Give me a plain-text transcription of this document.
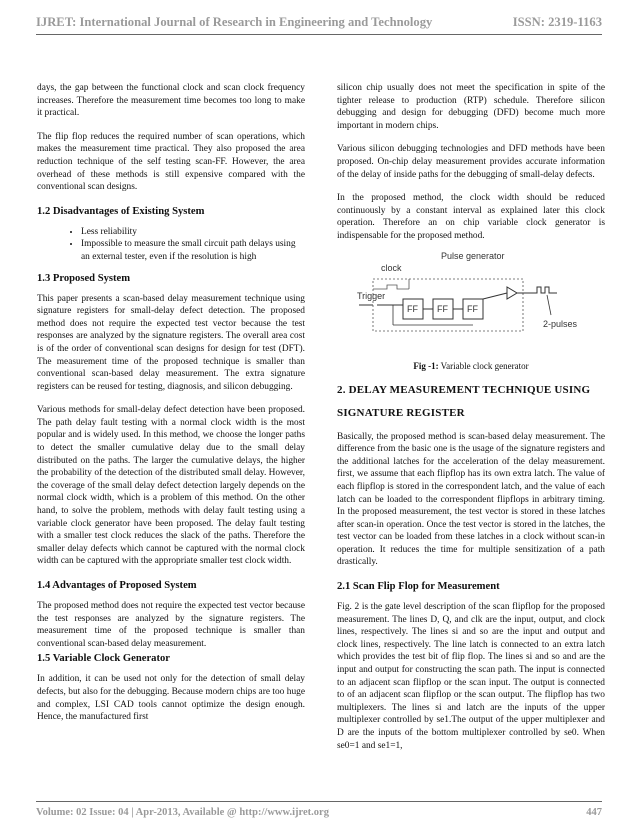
IJRET: International Journal of Research in Engineering and Technology	ISSN: 2319-1163

days, the gap between the functional clock and scan clock frequency increases. Therefore the measurement time becomes too long to make it practical.

The flip flop reduces the required number of scan operations, which makes the measurement time practical. They also proposed the area reduction technique of the self testing scan-FF. However, the area overhead of these methods is still expensive compared with the conventional scan designs.

1.2 Disadvantages of Existing System
• Less reliability
• Impossible to measure the small circuit path delays using an external tester, even if the resolution is high
1.3 Proposed System

This paper presents a scan-based delay measurement technique using signature registers for small-delay defect detection. The proposed method does not require the expected test vector because the test responses are analyzed by the signature registers. The overall area cost is of the order of conventional scan designs for design for test (DFT). The measurement time of the proposed technique is smaller than conventional scan-based delay measurement. The extra signature registers can be reused for testing, diagnosis, and silicon debugging.

Various methods for small-delay defect detection have been proposed. The path delay fault testing with a normal clock width is the most popular and is widely used. In this method, we choose the longer paths to detect the smaller cumulative delay due to the small delay distributed on the paths. The larger the cumulative delays, the higher the probability of the detection of the distributed small delay. However, the coverage of the small delay defect detection largely depends on the normal clock width, which is a problem of this method. On the other hand, to solve the problem, methods with delay fault testing using a variable clock generator have been proposed. The delay fault testing with a smaller test clock reduces the slack of the paths. Therefore the smaller delay defects which cannot be captured with the normal clock width can be captured with the appropriate smaller test clock width.

1.4 Advantages of Proposed System

The proposed method does not require the expected test vector because the test responses are analyzed by the signature registers. The measurement time of the proposed technique is smaller than conventional scan-based delay measurement.

1.5 Variable Clock Generator

In addition, it can be used not only for the detection of small delay defects, but also for the debugging. Because modern chips are too huge and complex, LSI CAD tools cannot optimize the design enough. Hence, the manufactured first

silicon chip usually does not meet the specification in spite of the tighter release to production (RTP) schedule. Therefore silicon debugging and design for debugging (DFD) become much more important in modern chips.

Various silicon debugging technologies and DFD methods have been proposed. On-chip delay measurement provides accurate information of the delay of inside paths for the debugging of small-delay defects.

In the proposed method, the clock width should be reduced continuously by a constant interval as explained later this clock operation. Therefore an on chip variable clock generator is indispensable for the proposed method.

Pulse generator
clock
Trigger
FF FF FF
2-pulses
Fig -1: Variable clock generator
2. DELAY MEASUREMENT TECHNIQUE USING
SIGNATURE REGISTER

Basically, the proposed method is scan-based delay measurement. The difference from the basic one is the usage of the signature registers and the additional latches for the acceleration of the delay measurement. first, we assume that each flipflop has its own extra latch. The value of each flipflop is stored in the correspondent latch, and the value of each latch can be loaded to the correspondent flipflops in arbitrary timing. In the proposed measurement, the test vector is stored in these latches after scan-in operation. Once the test vector is stored in the latches, the test vector can be loaded from these latches in a clock without scan-in operation. It reduces the time for multiple sensitization of a path drastically.

2.1 Scan Flip Flop for Measurement

Fig. 2 is the gate level description of the scan flipflop for the proposed measurement. The lines D, Q, and clk are the input, output, and clock lines, respectively. The lines si and so are the input and output and clock lines, respectively. The line latch is connected to an extra latch which provides the test bit of flip flop. The lines si and so and are the input and output for constructing the scan path. The input is connected to an adjacent scan flipflop or the scan input. The output is connected to of an adjacent scan flipflop or the scan output. The flipflop has two multiplexers. The lines si and latch are the inputs of the upper multiplexer controlled by se1.The output of the upper multiplexer and D are the inputs of the bottom multiplexer controlled by se0. When se0=1 and se1=1,

Volume: 02 Issue: 04 | Apr-2013, Available @ http://www.ijret.org	447
